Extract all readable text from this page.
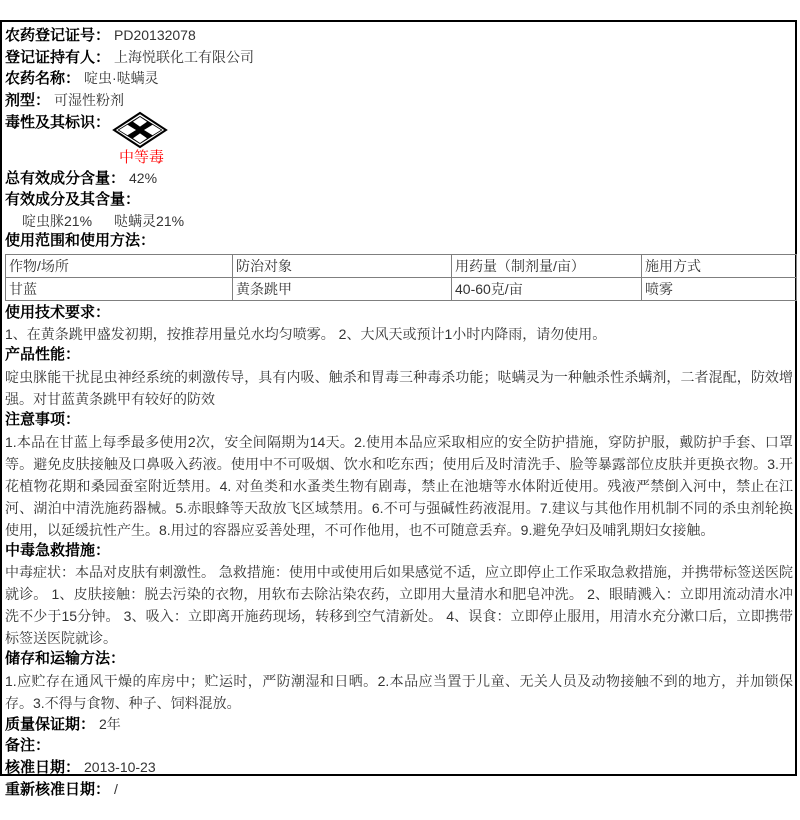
农药登记证号： PD20132078
登记证持有人： 上海悦联化工有限公司
农药名称： 啶虫·哒螨灵
剂型： 可湿性粉剂
毒性及其标识：
中等毒
总有效成分含量： 42%
有效成分及其含量：
啶虫脒21% 哒螨灵21%
使用范围和使用方法：
作物/场所	防治对象	用药量（制剂量/亩）	施用方式
甘蓝	黄条跳甲	40-60克/亩	喷雾
使用技术要求：
1、在黄条跳甲盛发初期，按推荐用量兑水均匀喷雾。 2、大风天或预计1小时内降雨，请勿使用。
产品性能：
啶虫脒能干扰昆虫神经系统的刺激传导，具有内吸、触杀和胃毒三种毒杀功能；哒螨灵为一种触杀性杀螨剂，二者混配，防效增强。对甘蓝黄条跳甲有较好的防效
注意事项：
1.本品在甘蓝上每季最多使用2次，安全间隔期为14天。2.使用本品应采取相应的安全防护措施，穿防护服，戴防护手套、口罩等。避免皮肤接触及口鼻吸入药液。使用中不可吸烟、饮水和吃东西；使用后及时清洗手、脸等暴露部位皮肤并更换衣物。3.开花植物花期和桑园蚕室附近禁用。4. 对鱼类和水蚤类生物有剧毒，禁止在池塘等水体附近使用。残液严禁倒入河中，禁止在江河、湖泊中清洗施药器械。5.赤眼蜂等天敌放飞区域禁用。6.不可与强碱性药液混用。7.建议与其他作用机制不同的杀虫剂轮换使用，以延缓抗性产生。8.用过的容器应妥善处理，不可作他用，也不可随意丢弃。9.避免孕妇及哺乳期妇女接触。
中毒急救措施：
中毒症状：本品对皮肤有刺激性。 急救措施：使用中或使用后如果感觉不适，应立即停止工作采取急救措施，并携带标签送医院就诊。 1、皮肤接触：脱去污染的衣物，用软布去除沾染农药，立即用大量清水和肥皂冲洗。 2、眼睛溅入：立即用流动清水冲洗不少于15分钟。 3、吸入：立即离开施药现场，转移到空气清新处。 4、误食：立即停止服用，用清水充分漱口后，立即携带标签送医院就诊。
储存和运输方法：
1.应贮存在通风干燥的库房中；贮运时，严防潮湿和日晒。2.本品应当置于儿童、无关人员及动物接触不到的地方，并加锁保存。3.不得与食物、种子、饲料混放。
质量保证期： 2年
备注：
核准日期： 2013-10-23
重新核准日期： /
